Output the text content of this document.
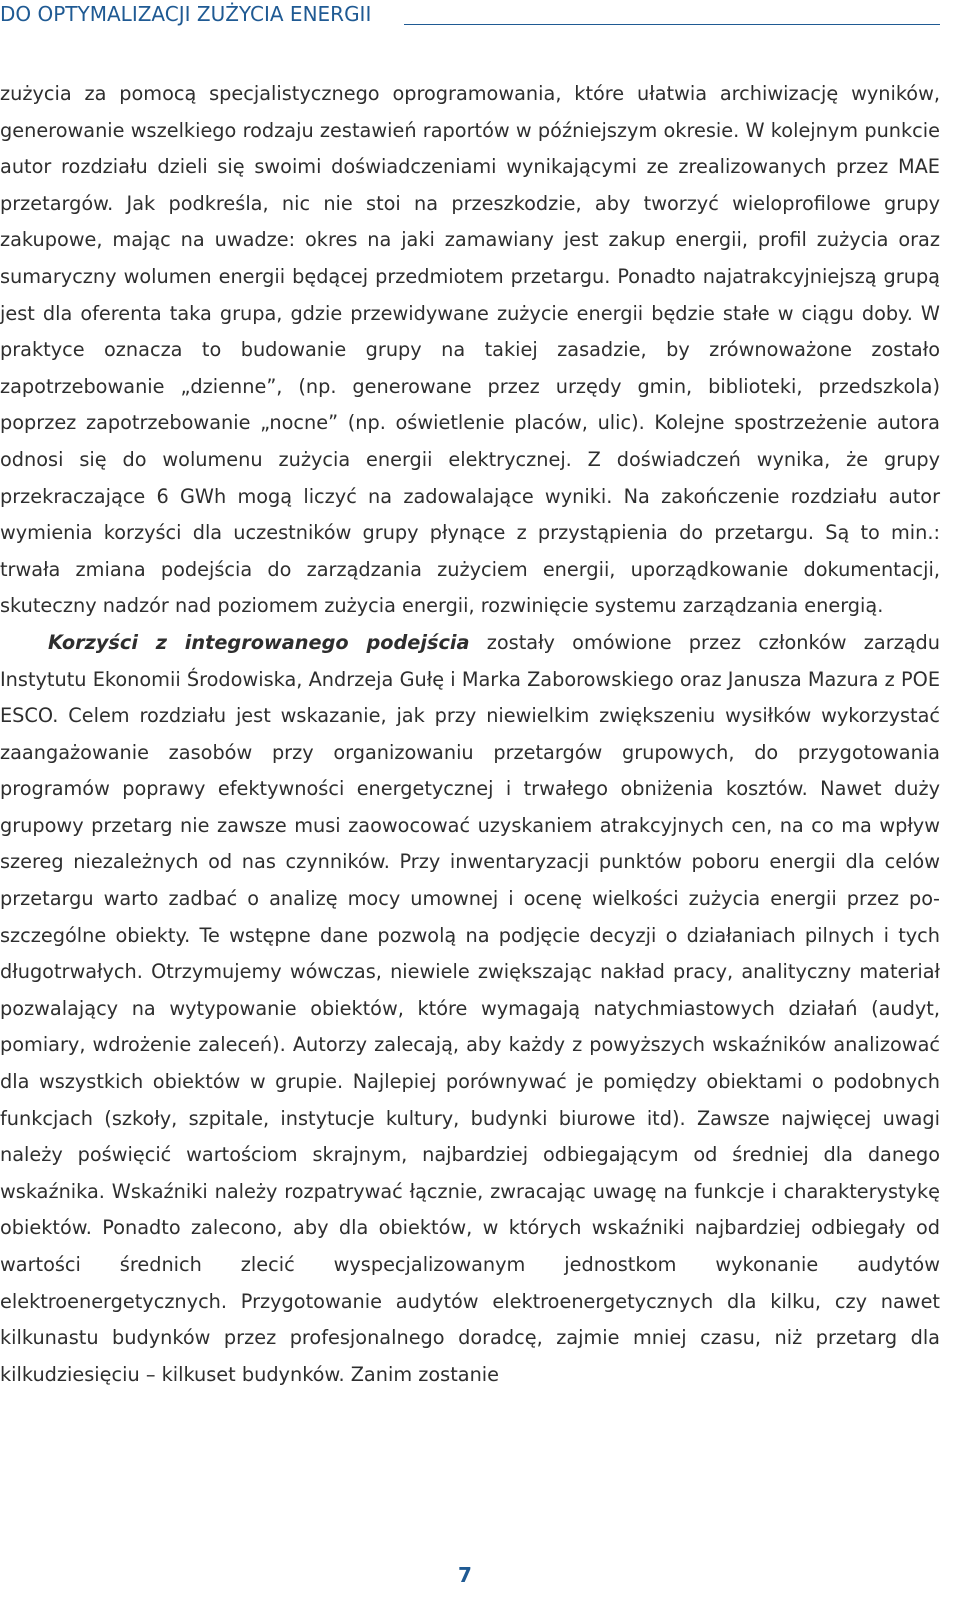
DO OPTYMALIZACJI ZUŻYCIA ENERGII

zużycia za pomocą specjalistycznego oprogramowania, które ułatwia archiwizację wyników, generowanie wszelkiego rodzaju zestawień raportów w późniejszym okresie. W kolejnym punkcie autor rozdziału dzieli się swoimi doświadczeniami wynikającymi ze zrealizowanych przez MAE przetargów. Jak podkreśla, nic nie stoi na przeszkodzie, aby tworzyć wieloprofilowe grupy zakupowe, mając na uwadze: okres na jaki zamawiany jest zakup energii, profil zużycia oraz sumaryczny wolumen energii będącej przedmiotem przetargu. Ponadto najatrakcyjniejszą grupą jest dla oferenta taka grupa, gdzie przewidywane zużycie energii będzie stałe w ciągu doby. W praktyce oznacza to budowanie grupy na takiej zasadzie, by zrównoważone zostało zapotrzebowanie „dzienne”, (np. generowane przez urzędy gmin, biblioteki, przedszkola) poprzez zapotrzebowanie „nocne” (np. oświetlenie placów, ulic). Kolejne spostrzeżenie autora odnosi się do wolumenu zużycia energii elektrycznej. Z doświadczeń wynika, że grupy przekraczające 6 GWh mogą liczyć na zadowalające wyniki. Na zakończenie rozdziału autor wymienia korzyści dla uczestników grupy płynące z przystąpienia do przetargu. Są to min.: trwała zmiana podejścia do zarządzania zużyciem energii, uporządkowanie dokumentacji, skuteczny nadzór nad poziomem zużycia energii, rozwinięcie systemu zarządzania energią.

Korzyści z integrowanego podejścia zostały omówione przez członków zarządu Instytutu Ekonomii Środowiska, Andrzeja Gułę i Marka Zaborowskiego oraz Janusza Mazura z POE ESCO. Celem rozdziału jest wskazanie, jak przy niewielkim zwiększeniu wysiłków wykorzystać zaangażowanie zasobów przy organizowaniu przetargów grupowych, do przygotowania programów poprawy efektywności energetycznej i trwałego obniżenia kosztów. Nawet duży grupowy przetarg nie zawsze musi zaowocować uzyskaniem atrakcyjnych cen, na co ma wpływ szereg niezależnych od nas czynników. Przy inwentaryzacji punktów poboru energii dla celów przetargu warto zadbać o analizę mocy umownej i ocenę wielkości zużycia energii przez poszczególne obiekty. Te wstępne dane pozwolą na podjęcie decyzji o działaniach pilnych i tych długotrwałych. Otrzymujemy wówczas, niewiele zwiększając nakład pracy, analityczny materiał pozwalający na wytypowanie obiektów, które wymagają natychmiastowych działań (audyt, pomiary, wdrożenie zaleceń). Autorzy zalecają, aby każdy z powyższych wskaźników analizować dla wszystkich obiektów w grupie. Najlepiej porównywać je pomiędzy obiektami o podobnych funkcjach (szkoły, szpitale, instytucje kultury, budynki biurowe itd). Zawsze najwięcej uwagi należy poświęcić wartościom skrajnym, najbardziej odbiegającym od średniej dla danego wskaźnika. Wskaźniki należy rozpatrywać łącznie, zwracając uwagę na funkcje i charakterystykę obiektów. Ponadto zalecono, aby dla obiektów, w których wskaźniki najbardziej odbiegały od wartości średnich zlecić wyspecjalizowanym jednostkom wykonanie audytów elektroenergetycznych. Przygotowanie audytów elektroenergetycznych dla kilku, czy nawet kilkunastu budynków przez profesjonalnego doradcę, zajmie mniej czasu, niż przetarg dla kilkudziesięciu – kilkuset budynków. Zanim zostanie

7
